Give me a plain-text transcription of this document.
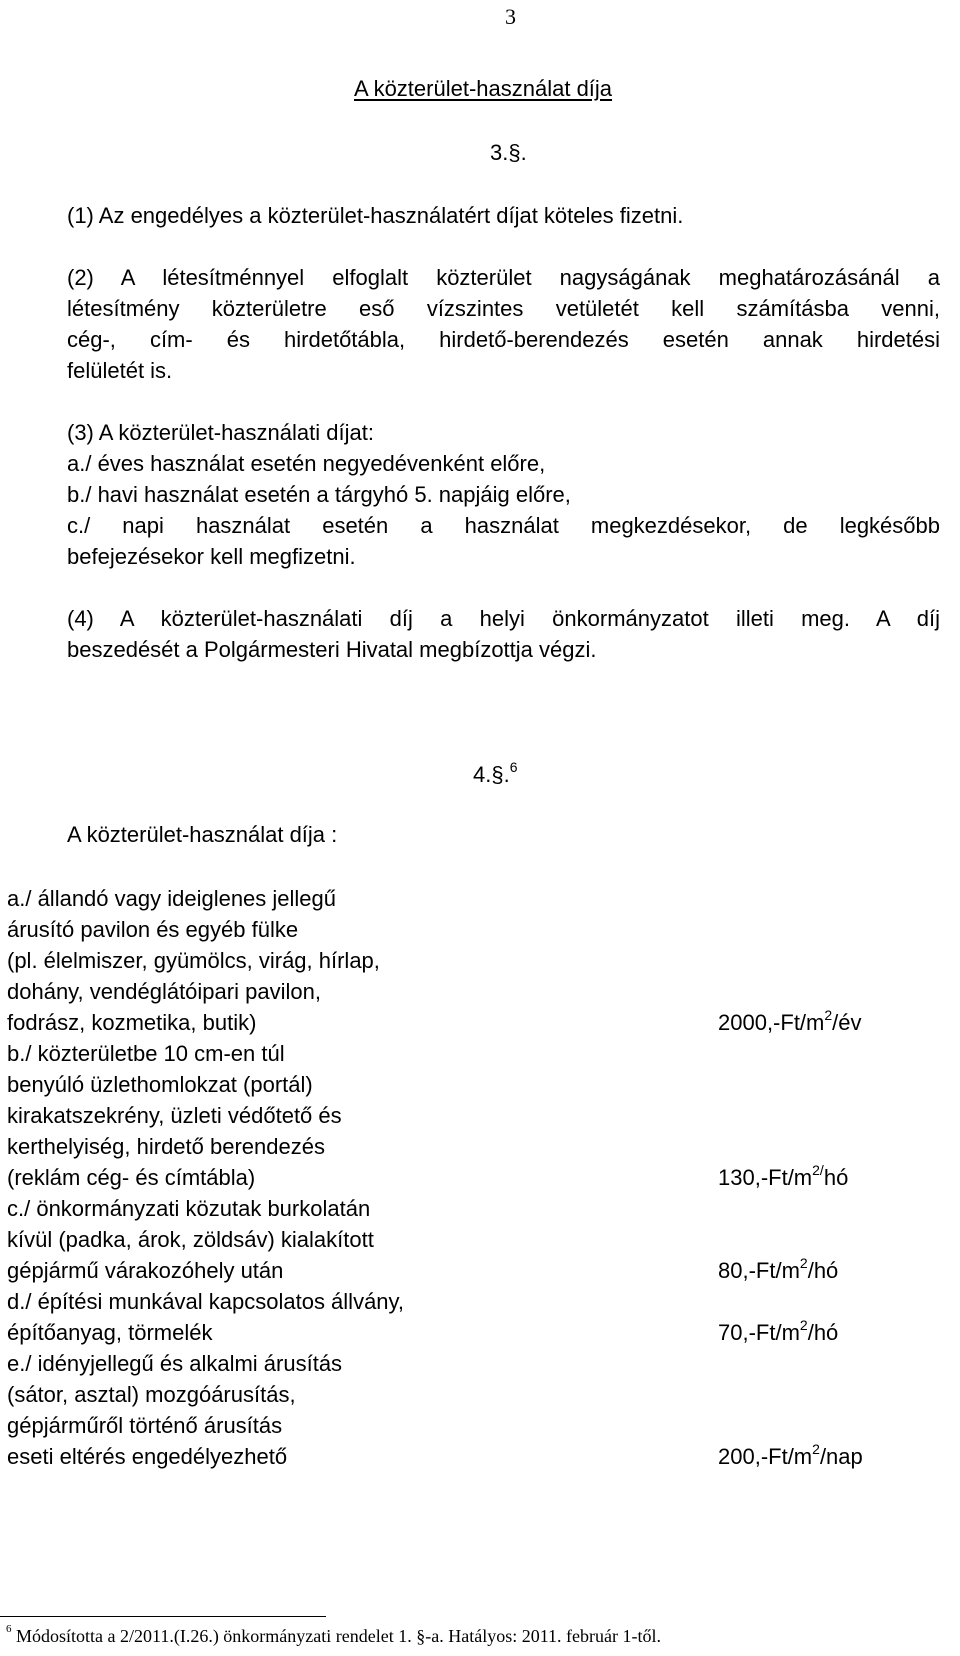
3
A közterület-használat díja
3.§.
(1) Az engedélyes a közterület-használatért díjat köteles fizetni.
(2) A létesítménnyel elfoglalt közterület nagyságának meghatározásánál a
létesítmény közterületre eső vízszintes vetületét kell számításba venni,
cég-, cím- és hirdetőtábla, hirdető-berendezés esetén annak hirdetési
felületét is.
(3) A közterület-használati díjat:
a./ éves használat esetén negyedévenként előre,
b./ havi használat esetén a tárgyhó 5. napjáig előre,
c./ napi használat esetén a használat megkezdésekor, de legkésőbb
befejezésekor kell megfizetni.
(4) A közterület-használati díj a helyi önkormányzatot illeti meg. A díj
beszedését a Polgármesteri Hivatal megbízottja végzi.
4.§.$^6$
A közterület-használat díja :
a./ állandó vagy ideiglenes jellegű
árusító pavilon és egyéb fülke
(pl. élelmiszer, gyümölcs, virág, hírlap,
dohány, vendéglátóipari pavilon,
fodrász, kozmetika, butik)	$2000,-Ft/m^2/év$
b./ közterületbe 10 cm-en túl
benyúló üzlethomlokzat (portál)
kirakatszekrény, üzleti védőtető és
kerthelyiség, hirdető berendezés
(reklám cég- és címtábla)	$130,-Ft/m^{2/}hó$
c./ önkormányzati közutak burkolatán
kívül (padka, árok, zöldsáv) kialakított
gépjármű várakozóhely után	$80,-Ft/m^2/hó$
d./ építési munkával kapcsolatos állvány,
építőanyag, törmelék	$70,-Ft/m^2/hó$
e./ idényjellegű és alkalmi árusítás
(sátor, asztal) mozgóárusítás,
gépjárműről történő árusítás
eseti eltérés engedélyezhető	$200,-Ft/m^2$/nap
$^6$ Módosította a 2/2011.(I.26.) önkormányzati rendelet 1. §-a. Hatályos: 2011. február 1-től.
